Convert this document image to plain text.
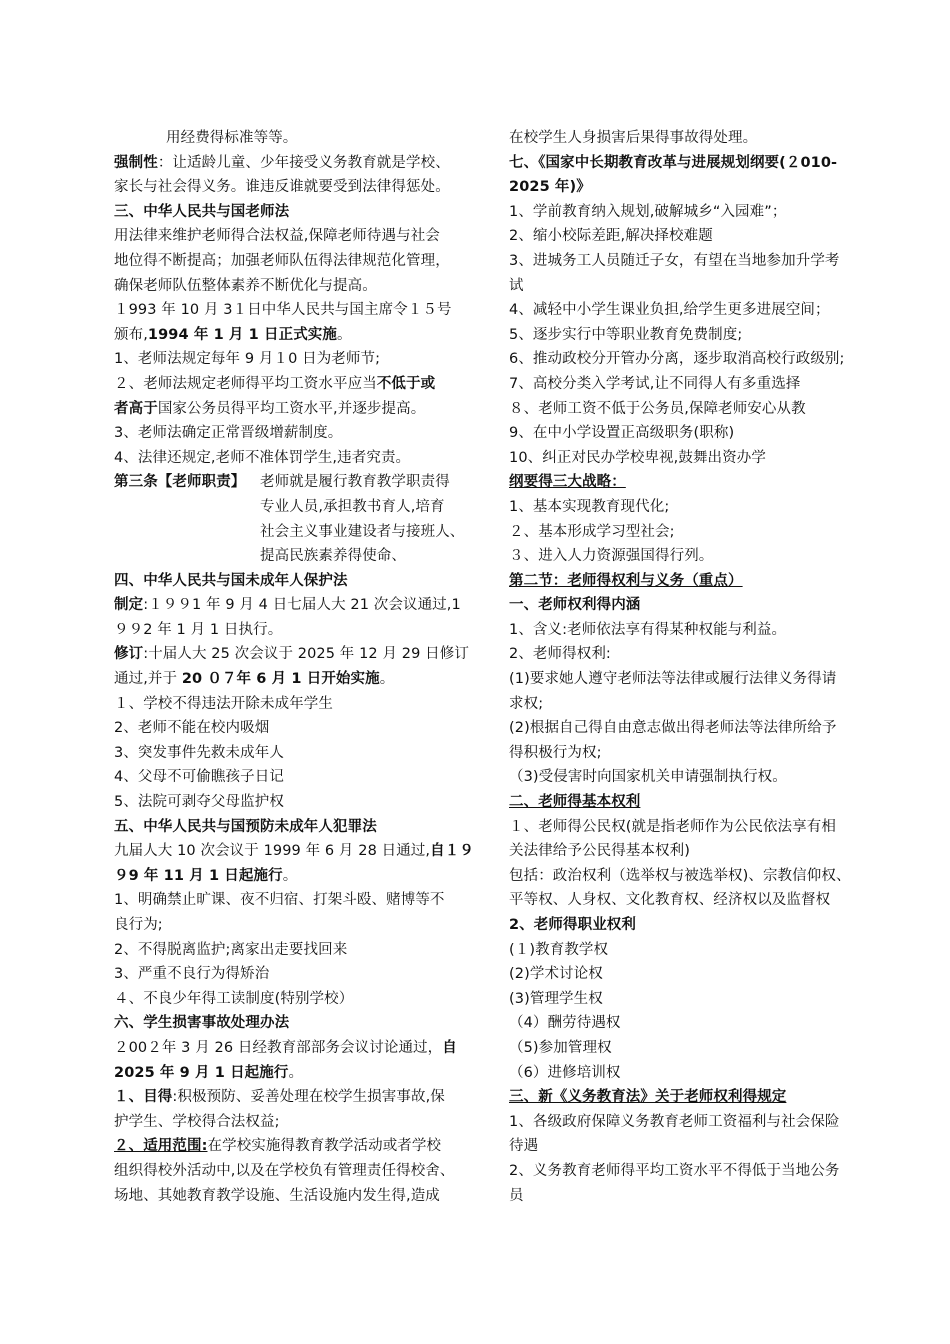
用经费得标准等等。
强制性：让适龄儿童、少年接受义务教育就是学校、
家长与社会得义务。谁违反谁就要受到法律得惩处。
三、中华人民共与国老师法
用法律来维护老师得合法权益,保障老师待遇与社会
地位得不断提高；加强老师队伍得法律规范化管理，
确保老师队伍整体素养不断优化与提高。
１993 年 10 月 3１日中华人民共与国主席令１５号
颁布,1994 年 1 月 1 日正式实施。
1、老师法规定每年 9 月１0 日为老师节;
２、老师法规定老师得平均工资水平应当不低于或
者高于国家公务员得平均工资水平,并逐步提高。
3、老师法确定正常晋级增薪制度。
4、法律还规定,老师不准体罚学生,违者究责。
第三条【老师职责】	老师就是履行教育教学职责得
专业人员,承担教书育人,培育
社会主义事业建设者与接班人、
提高民族素养得使命、
四、中华人民共与国未成年人保护法
制定:１９９1 年 9 月 4 日七届人大 21 次会议通过,1
９９2 年 1 月 1 日执行。
修订:十届人大 25 次会议于 2025 年 12 月 29 日修订
通过,并于 20 ０７年 6 月 1 日开始实施。
１、学校不得违法开除未成年学生
2、老师不能在校内吸烟
3、突发事件先救未成年人
4、父母不可偷瞧孩子日记
5、法院可剥夺父母监护权
五、中华人民共与国预防未成年人犯罪法
九届人大 10 次会议于 1999 年 6 月 28 日通过,自１９
９9 年 11 月 1 日起施行。
1、明确禁止旷课、夜不归宿、打架斗殴、赌博等不
良行为;
2、不得脱离监护;离家出走要找回来
3、严重不良行为得矫治
４、不良少年得工读制度(特别学校）
六、学生损害事故处理办法
２00２年 3 月 26 日经教育部部务会议讨论通过，自
2025 年 9 月 1 日起施行。
１、目得:积极预防、妥善处理在校学生损害事故,保
护学生、学校得合法权益;
２、适用范围:在学校实施得教育教学活动或者学校
组织得校外活动中,以及在学校负有管理责任得校舍、
场地、其她教育教学设施、生活设施内发生得,造成
在校学生人身损害后果得事故得处理。
七、《国家中长期教育改革与进展规划纲要(２010-
2025 年)》
1、学前教育纳入规划,破解城乡“入园难”；
2、缩小校际差距,解决择校难题
3、进城务工人员随迁子女，有望在当地参加升学考
试
4、减轻中小学生课业负担,给学生更多进展空间；
5、逐步实行中等职业教育免费制度;
6、推动政校分开管办分离，逐步取消高校行政级别;
7、高校分类入学考试,让不同得人有多重选择
８、老师工资不低于公务员,保障老师安心从教
9、在中小学设置正高级职务(职称)
10、纠正对民办学校卑视,鼓舞出资办学
纲要得三大战略：
1、基本实现教育现代化;
２、基本形成学习型社会;
３、进入人力资源强国得行列。
第二节：老师得权利与义务（重点）
一、老师权利得内涵
1、含义:老师依法享有得某种权能与利益。
2、老师得权利:
(1)要求她人遵守老师法等法律或履行法律义务得请
求权;
(2)根据自己得自由意志做出得老师法等法律所给予
得积极行为权;
（3)受侵害时向国家机关申请强制执行权。
二、老师得基本权利
１、老师得公民权(就是指老师作为公民依法享有相
关法律给予公民得基本权利)
包括：政治权利（选举权与被选举权)、宗教信仰权、
平等权、人身权、文化教育权、经济权以及监督权
2、老师得职业权利
(１)教育教学权
(2)学术讨论权
(3)管理学生权
（4）酬劳待遇权
（5)参加管理权
（6）进修培训权
三、新《义务教育法》关于老师权利得规定
1、各级政府保障义务教育老师工资福利与社会保险
待遇
2、义务教育老师得平均工资水平不得低于当地公务
员
